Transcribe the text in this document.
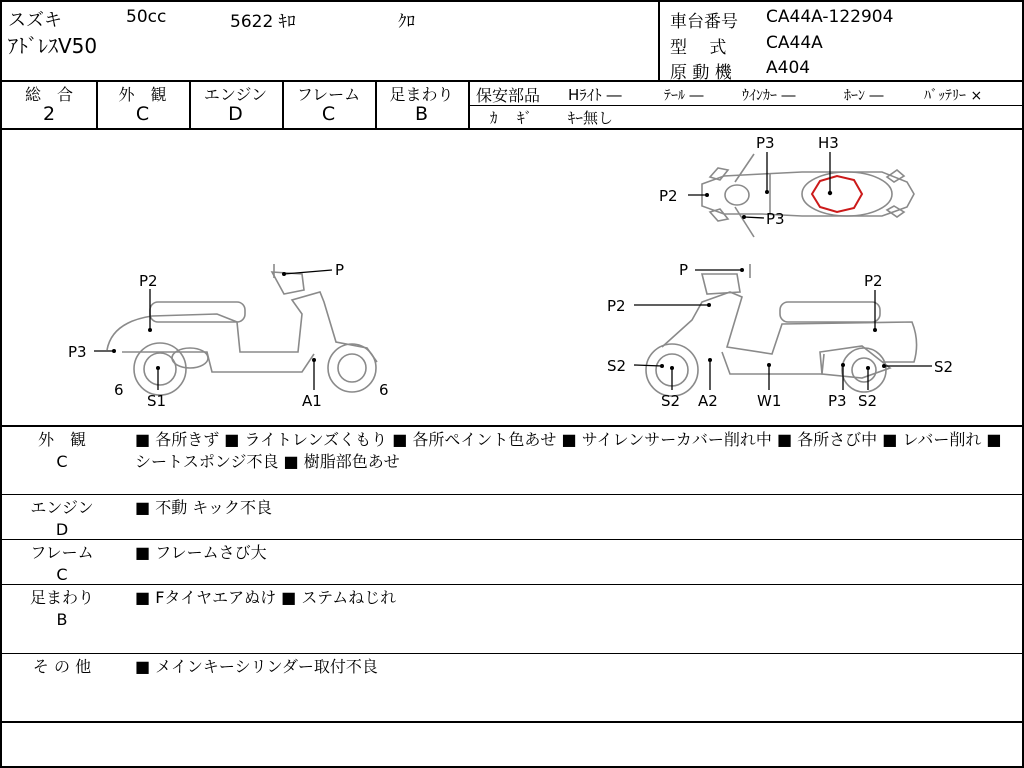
スズキ	50cc	5622 ｷﾛ	ｸﾛ
ｱﾄﾞﾚｽV50
車台番号 CA44A-122904
型　 式 CA44A
原 動 機 A404
総　合
2
外　観
C
エンジン
D
フレーム
C
足まわり
B
保安部品 Hﾗｲﾄ ―	ﾃｰﾙ ―	ｳｲﾝｶｰ ―	ﾎｰﾝ ―	ﾊﾞｯﾃﾘｰ ×
ｶ　 ｷﾞ ｷｰ無し
P3	H3
P2
P3
P2
P
P3
6
S1	A1
6
P
P2
P2
S2	S2
S2 A2	W1	P3 S2
外　観
C
■ 各所きず ■ ライトレンズくもり ■ 各所ペイント色あせ ■ サイレンサーカバー削れ中 ■ 各所さび中 ■ レバー削れ ■ シートスポンジ不良 ■ 樹脂部色あせ
エンジン
D
■ 不動 キック不良
フレーム
C
■ フレームさび大
足まわり
B
■ Fタイヤエアぬけ ■ ステムねじれ
そ の 他	■ メインキーシリンダー取付不良
